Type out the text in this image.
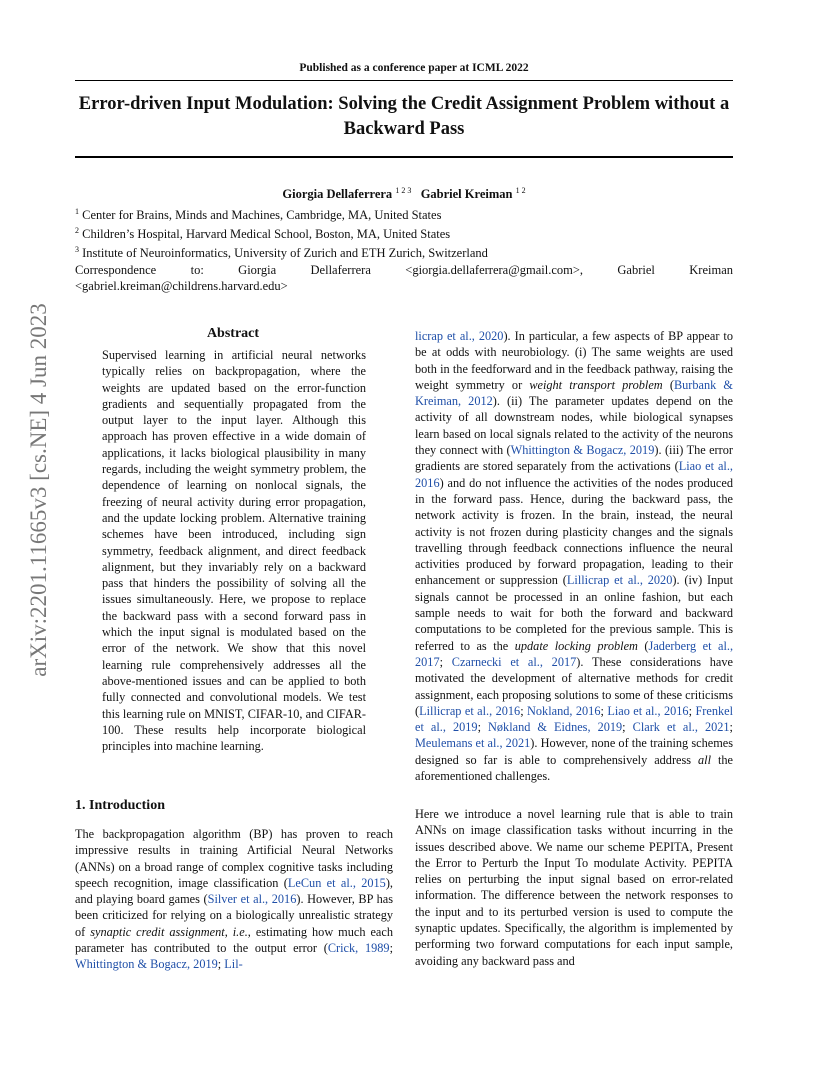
Published as a conference paper at ICML 2022
Error-driven Input Modulation: Solving the Credit Assignment Problem without a Backward Pass
Giorgia Dellaferrera $^{1 2 3}$ Gabriel Kreiman $^{1 2}$
$^1$ Center for Brains, Minds and Machines, Cambridge, MA, United States
$^2$ Children’s Hospital, Harvard Medical School, Boston, MA, United States
$^3$ Institute of Neuroinformatics, University of Zurich and ETH Zurich, Switzerland
Correspondence to: Giorgia Dellaferrera <giorgia.dellaferrera@gmail.com>, Gabriel Kreiman
<gabriel.kreiman@childrens.harvard.edu>
arXiv:2201.11665v3 [cs.NE] 4 Jun 2023	Abstract
Supervised learning in artificial neural networks typically relies on backpropagation, where the weights are updated based on the error-function gradients and sequentially propagated from the output layer to the input layer. Although this approach has proven effective in a wide domain of applications, it lacks biological plausibility in many regards, including the weight symmetry problem, the dependence of learning on nonlocal signals, the freezing of neural activity during error propagation, and the update locking problem. Alternative training schemes have been introduced, including sign symmetry, feedback alignment, and direct feedback alignment, but they invariably rely on a backward pass that hinders the possibility of solving all the issues simultaneously. Here, we propose to replace the backward pass with a second forward pass in which the input signal is modulated based on the error of the network. We show that this novel learning rule comprehensively addresses all the above-mentioned issues and can be applied to both fully connected and convolutional models. We test this learning rule on MNIST, CIFAR-10, and CIFAR-100. These results help incorporate biological principles into machine learning.
1. Introduction
The backpropagation algorithm (BP) has proven to reach impressive results in training Artificial Neural Networks (ANNs) on a broad range of complex cognitive tasks including speech recognition, image classification (LeCun et al., 2015), and playing board games (Silver et al., 2016). However, BP has been criticized for relying on a biologically unrealistic strategy of synaptic credit assignment, i.e., estimating how much each parameter has contributed to the output error (Crick, 1989; Whittington & Bogacz, 2019; Lil-
licrap et al., 2020). In particular, a few aspects of BP appear to be at odds with neurobiology. (i) The same weights are used both in the feedforward and in the feedback pathway, raising the weight symmetry or weight transport problem (Burbank & Kreiman, 2012). (ii) The parameter updates depend on the activity of all downstream nodes, while biological synapses learn based on local signals related to the activity of the neurons they connect with (Whittington & Bogacz, 2019). (iii) The error gradients are stored separately from the activations (Liao et al., 2016) and do not influence the activities of the nodes produced in the forward pass. Hence, during the backward pass, the network activity is frozen. In the brain, instead, the neural activity is not frozen during plasticity changes and the signals travelling through feedback connections influence the neural activities produced by forward propagation, leading to their enhancement or suppression (Lillicrap et al., 2020). (iv) Input signals cannot be processed in an online fashion, but each sample needs to wait for both the forward and backward computations to be completed for the previous sample. This is referred to as the update locking problem (Jaderberg et al., 2017; Czarnecki et al., 2017). These considerations have motivated the development of alternative methods for credit assignment, each proposing solutions to some of these criticisms (Lillicrap et al., 2016; Nokland, 2016; Liao et al., 2016; Frenkel et al., 2019; Nøkland & Eidnes, 2019; Clark et al., 2021; Meulemans et al., 2021). However, none of the training schemes designed so far is able to comprehensively address all the aforementioned challenges.
Here we introduce a novel learning rule that is able to train ANNs on image classification tasks without incurring in the issues described above. We name our scheme PEPITA, Present the Error to Perturb the Input To modulate Activity. PEPITA relies on perturbing the input signal based on error-related information. The difference between the network responses to the input and to its perturbed version is used to compute the synaptic updates. Specifically, the algorithm is implemented by performing two forward computations for each input sample, avoiding any backward pass and
